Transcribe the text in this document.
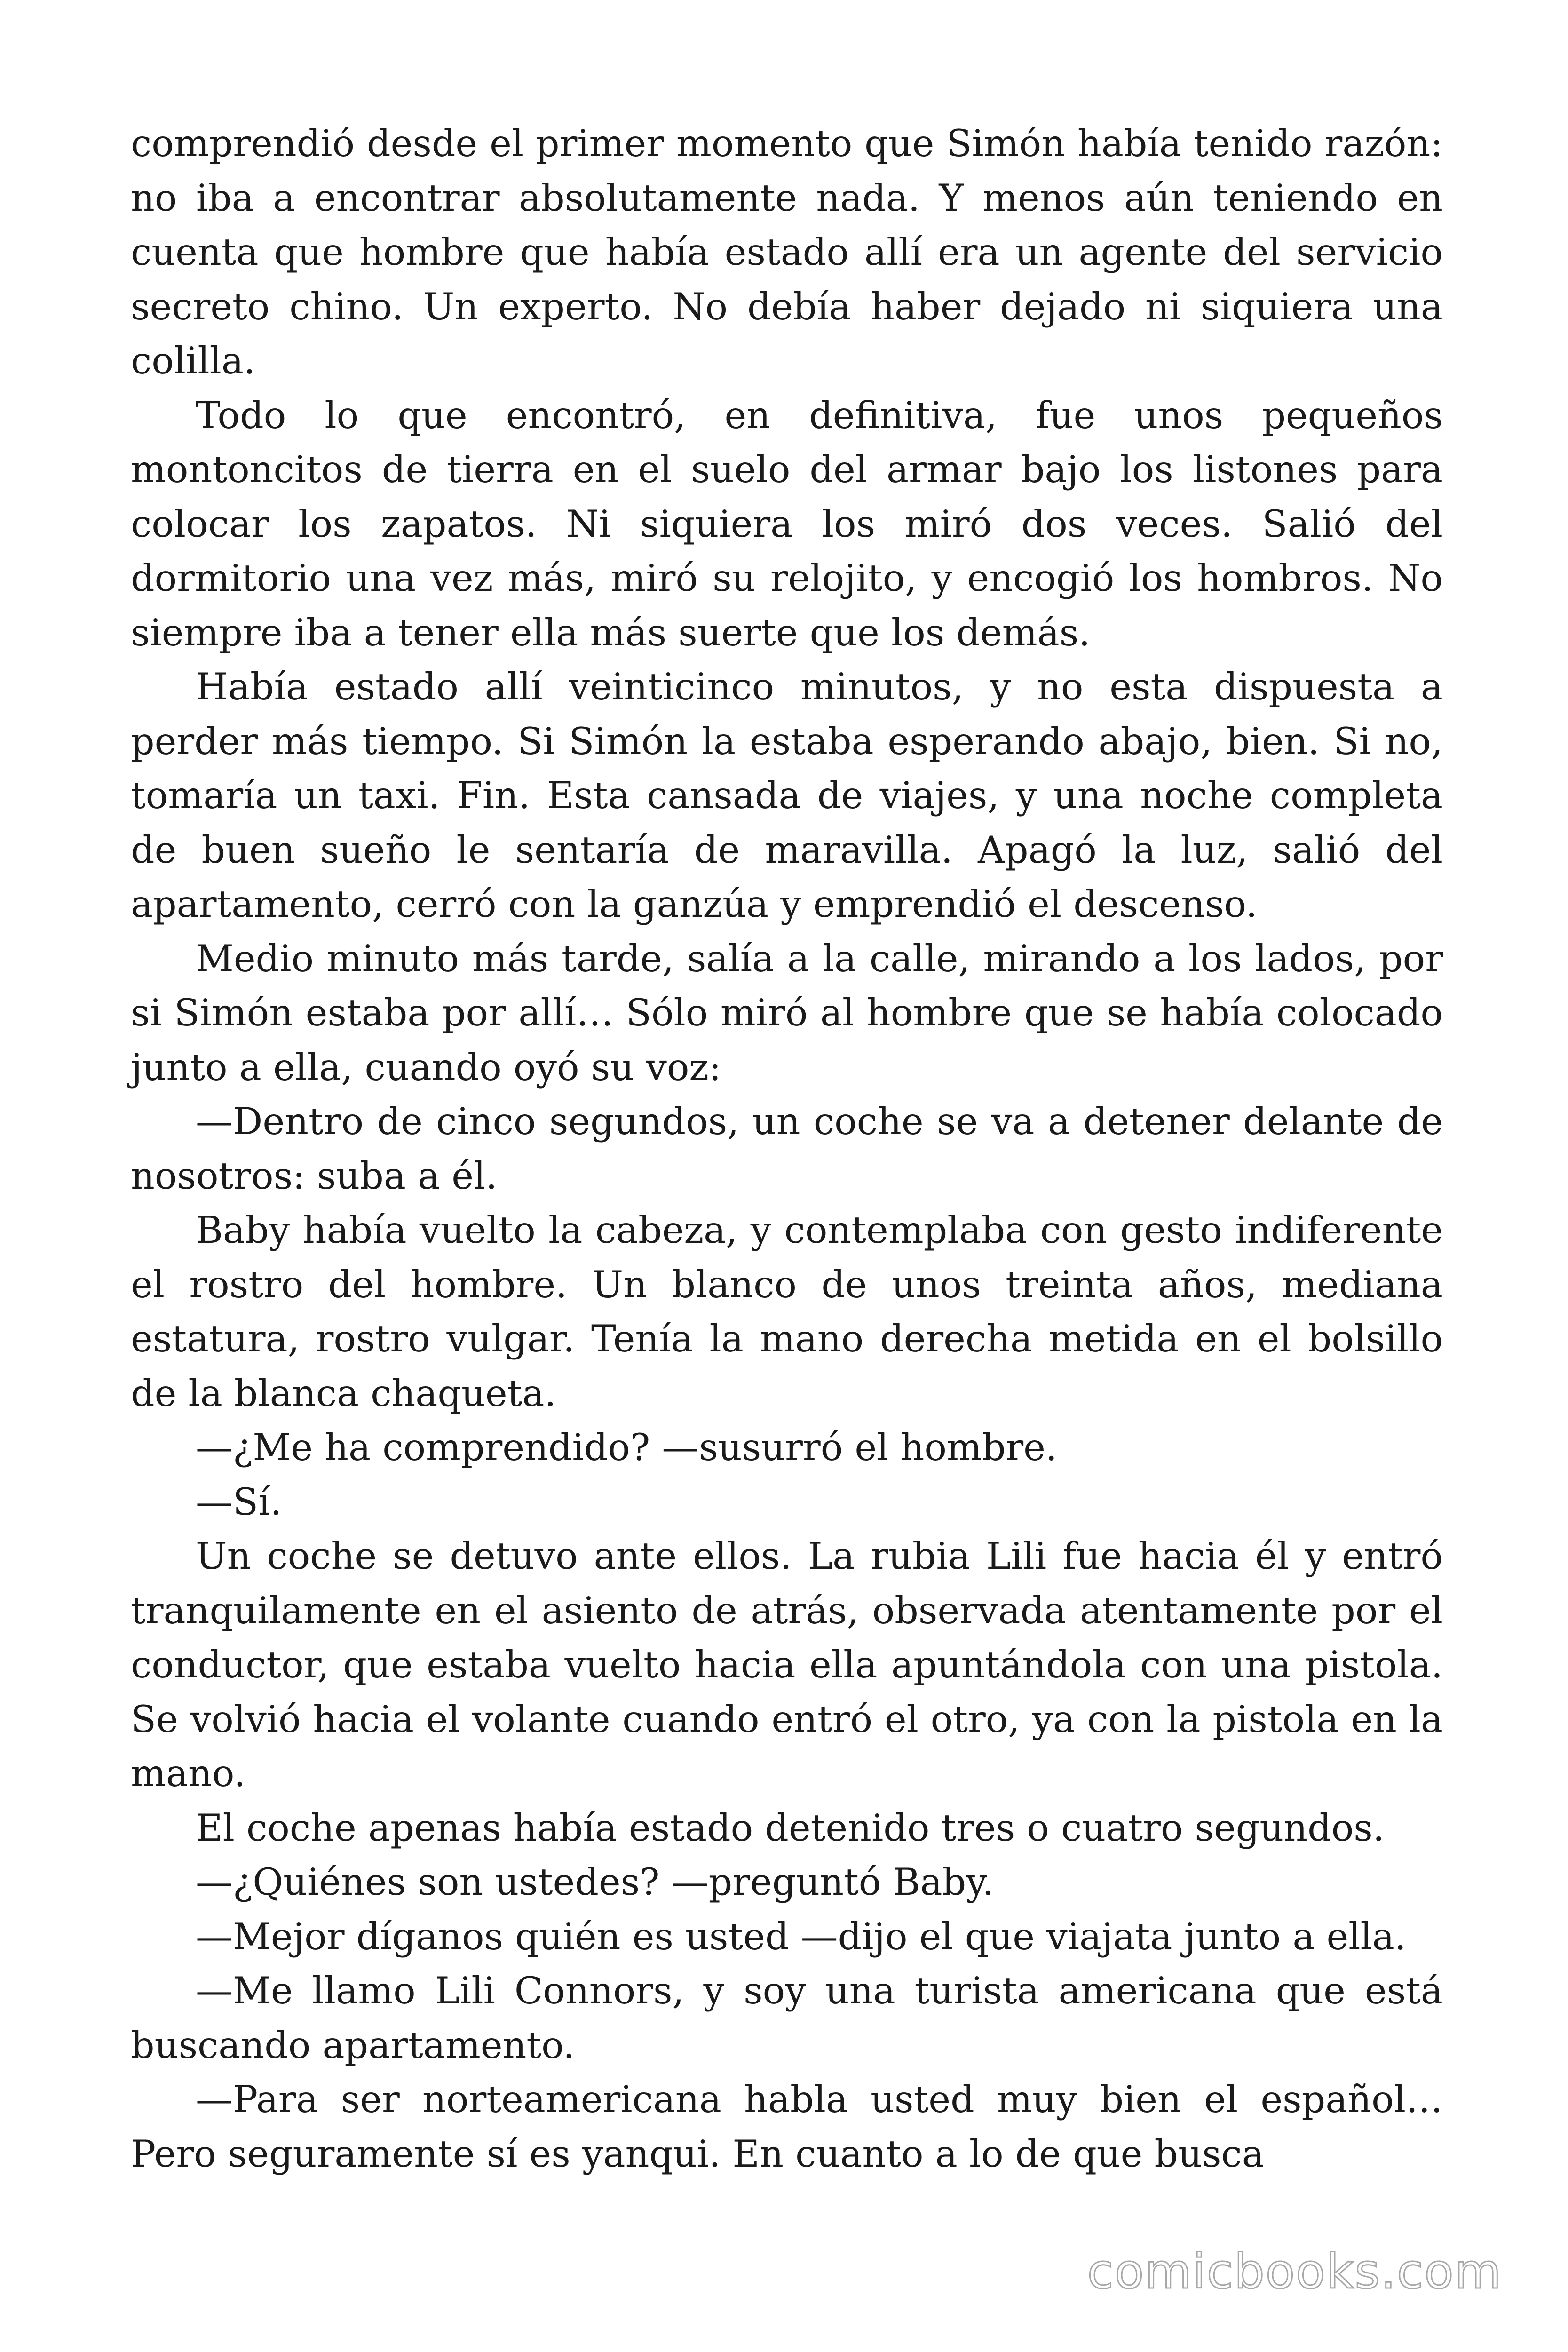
comprendió desde el primer momento que Simón había tenido razón: no iba a encontrar absolutamente nada. Y menos aún teniendo en cuenta que hombre que había estado allí era un agente del servicio secreto chino. Un experto. No debía haber dejado ni siquiera una colilla.

Todo lo que encontró, en definitiva, fue unos pequeños montoncitos de tierra en el suelo del armar bajo los listones para colocar los zapatos. Ni siquiera los miró dos veces. Salió del dormitorio una vez más, miró su relojito, y encogió los hombros. No siempre iba a tener ella más suerte que los demás.

Había estado allí veinticinco minutos, y no esta dispuesta a perder más tiempo. Si Simón la estaba esperando abajo, bien. Si no, tomaría un taxi. Fin. Esta cansada de viajes, y una noche completa de buen sueño le sentaría de maravilla. Apagó la luz, salió del apartamento, cerró con la ganzúa y emprendió el descenso.

Medio minuto más tarde, salía a la calle, mirando a los lados, por si Simón estaba por allí… Sólo miró al hombre que se había colocado junto a ella, cuando oyó su voz:

—Dentro de cinco segundos, un coche se va a detener delante de nosotros: suba a él.

Baby había vuelto la cabeza, y contemplaba con gesto indiferente el rostro del hombre. Un blanco de unos treinta años, mediana estatura, rostro vulgar. Tenía la mano derecha metida en el bolsillo de la blanca chaqueta.

—¿Me ha comprendido? —susurró el hombre.

—Sí.

Un coche se detuvo ante ellos. La rubia Lili fue hacia él y entró tranquilamente en el asiento de atrás, observada atentamente por el conductor, que estaba vuelto hacia ella apuntándola con una pistola. Se volvió hacia el volante cuando entró el otro, ya con la pistola en la mano.

El coche apenas había estado detenido tres o cuatro segundos.

—¿Quiénes son ustedes? —preguntó Baby.

—Mejor díganos quién es usted —dijo el que viajata junto a ella.

—Me llamo Lili Connors, y soy una turista americana que está buscando apartamento.

—Para ser norteamericana habla usted muy bien el español… Pero seguramente sí es yanqui. En cuanto a lo de que busca

comicbooks.com
